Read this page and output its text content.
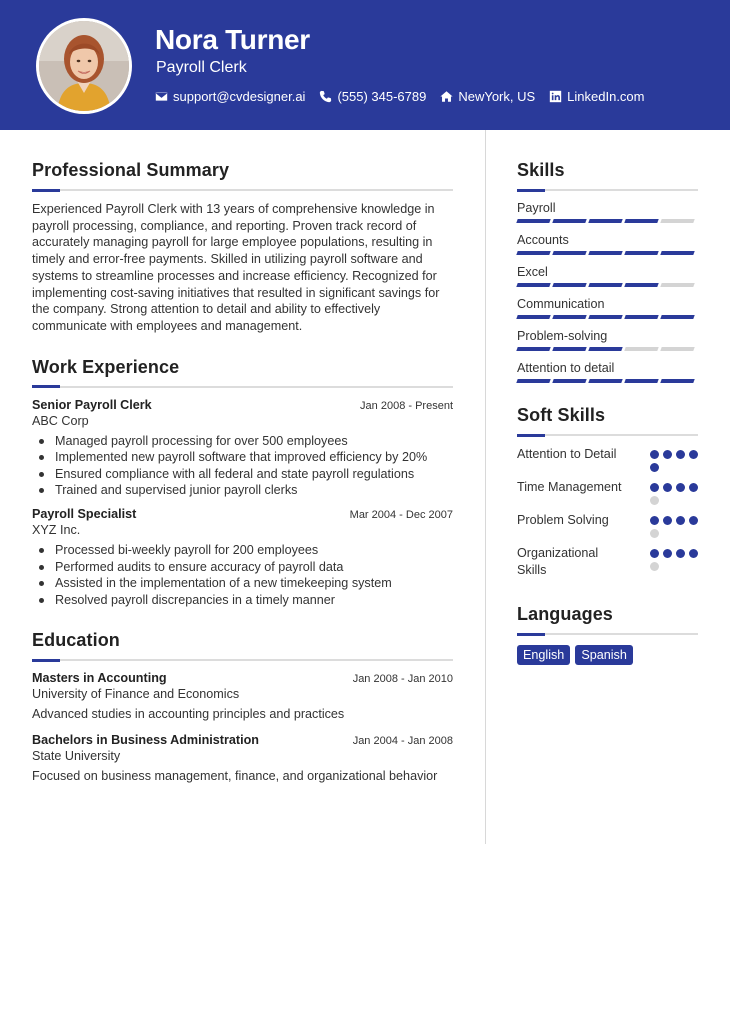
Nora Turner
Payroll Clerk
support@cvdesigner.ai (555) 345-6789 NewYork, US LinkedIn.com
Professional Summary

Experienced Payroll Clerk with 13 years of comprehensive knowledge in payroll processing, compliance, and reporting. Proven track record of accurately managing payroll for large employee populations, resulting in timely and error-free payments. Skilled in utilizing payroll software and systems to streamline processes and increase efficiency. Recognized for implementing cost-saving initiatives that resulted in significant savings for the company. Strong attention to detail and ability to effectively communicate with employees and management.

Work Experience
Senior Payroll Clerk	Jan 2008 - Present
ABC Corp
Managed payroll processing for over 500 employees
Implemented new payroll software that improved efficiency by 20%
Ensured compliance with all federal and state payroll regulations
Trained and supervised junior payroll clerks
Payroll Specialist	Mar 2004 - Dec 2007
XYZ Inc.
Processed bi-weekly payroll for 200 employees
Performed audits to ensure accuracy of payroll data
Assisted in the implementation of a new timekeeping system
Resolved payroll discrepancies in a timely manner
Education
Masters in Accounting	Jan 2008 - Jan 2010
University of Finance and Economics
Advanced studies in accounting principles and practices
Bachelors in Business Administration	Jan 2004 - Jan 2008
State University
Focused on business management, finance, and organizational behavior
Skills
Payroll
Accounts
Excel
Communication
Problem-solving
Attention to detail
Soft Skills
Attention to Detail
Time Management
Problem Solving
Organizational Skills
Languages
English	Spanish
